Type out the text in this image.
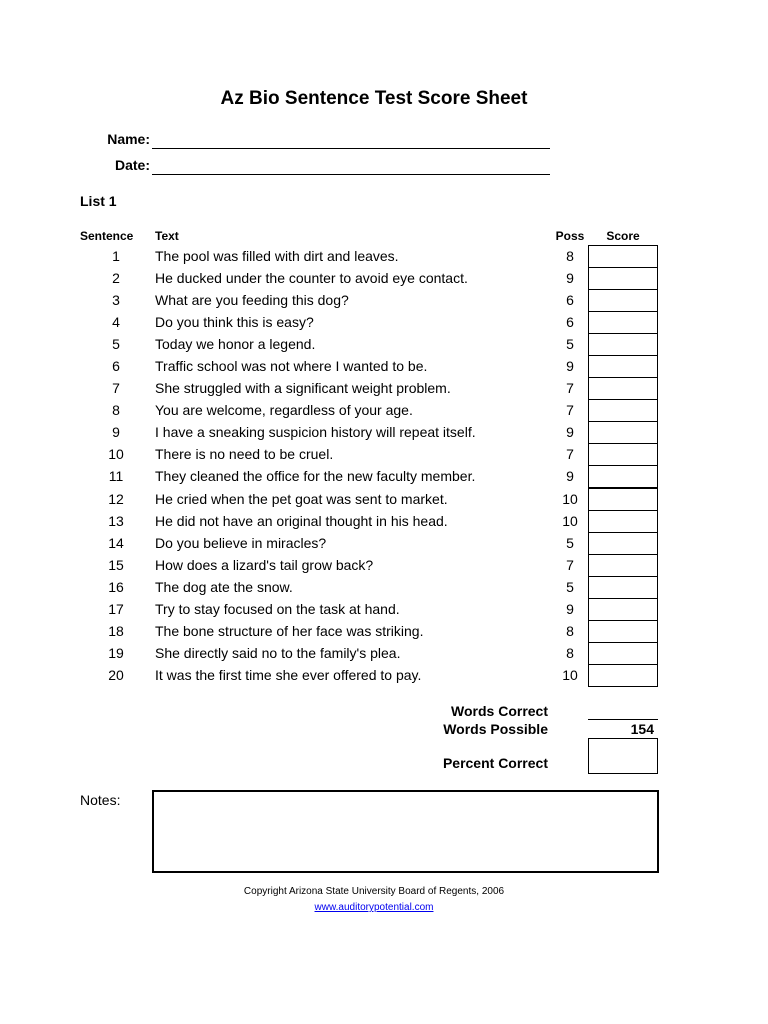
Az Bio Sentence Test Score Sheet
Name:
Date:
List 1
Sentence Text	Poss	Score
1	The pool was filled with dirt and leaves.	8
2	He ducked under the counter to avoid eye contact.	9
3	What are you feeding this dog?	6
4	Do you think this is easy?	6
5	Today we honor a legend.	5
6	Traffic school was not where I wanted to be.	9
7	She struggled with a significant weight problem.	7
8	You are welcome, regardless of your age.	7
9	I have a sneaking suspicion history will repeat itself.	9
10	There is no need to be cruel.	7
11	They cleaned the office for the new faculty member.	9
12	He cried when the pet goat was sent to market.	10
13	He did not have an original thought in his head.	10
14	Do you believe in miracles?	5
15	How does a lizard's tail grow back?	7
16	The dog ate the snow.	5
17	Try to stay focused on the task at hand.	9
18	The bone structure of her face was striking.	8
19	She directly said no to the family's plea.	8
20	It was the first time she ever offered to pay.	10
Words Correct
Words Possible	154
Percent Correct
Notes:
Copyright Arizona State University Board of Regents, 2006
www.auditorypotential.com
